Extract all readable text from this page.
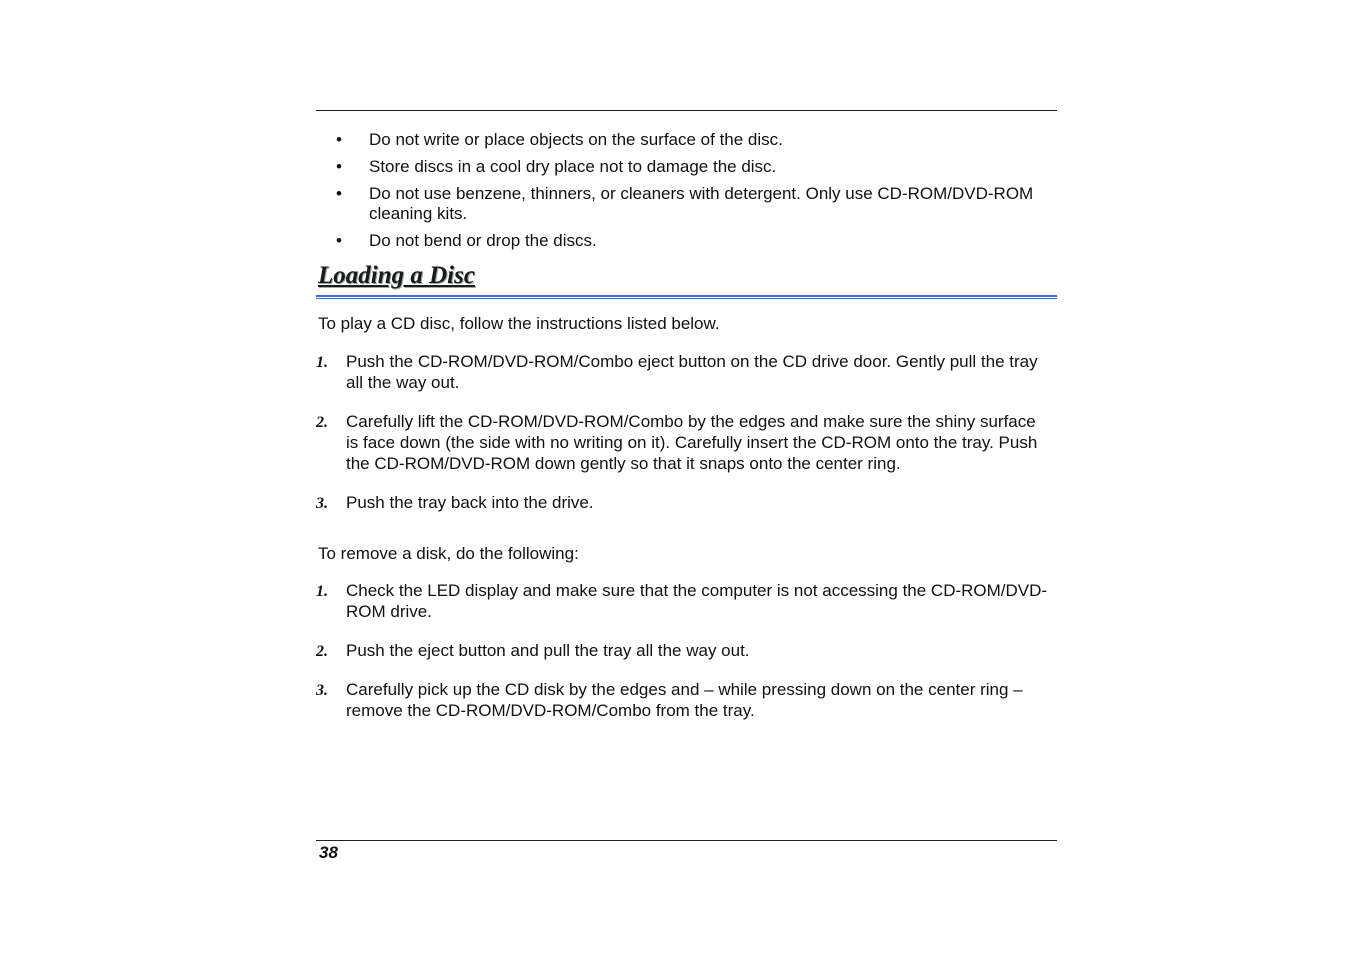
• Do not write or place objects on the surface of the disc.
• Store discs in a cool dry place not to damage the disc.
• Do not use benzene, thinners, or cleaners with detergent. Only use CD-ROM/DVD-ROM cleaning kits.
• Do not bend or drop the discs.
Loading a Disc

To play a CD disc, follow the instructions listed below.

1. Push the CD-ROM/DVD-ROM/Combo eject button on the CD drive door. Gently pull the tray all the way out.
2. Carefully lift the CD-ROM/DVD-ROM/Combo by the edges and make sure the shiny surface is face down (the side with no writing on it). Carefully insert the CD-ROM onto the tray. Push the CD-ROM/DVD-ROM down gently so that it snaps onto the center ring.
3. Push the tray back into the drive.

To remove a disk, do the following:

1. Check the LED display and make sure that the computer is not accessing the CD-ROM/DVD-ROM drive.
2. Push the eject button and pull the tray all the way out.
3. Carefully pick up the CD disk by the edges and – while pressing down on the center ring – remove the CD-ROM/DVD-ROM/Combo from the tray.
38
